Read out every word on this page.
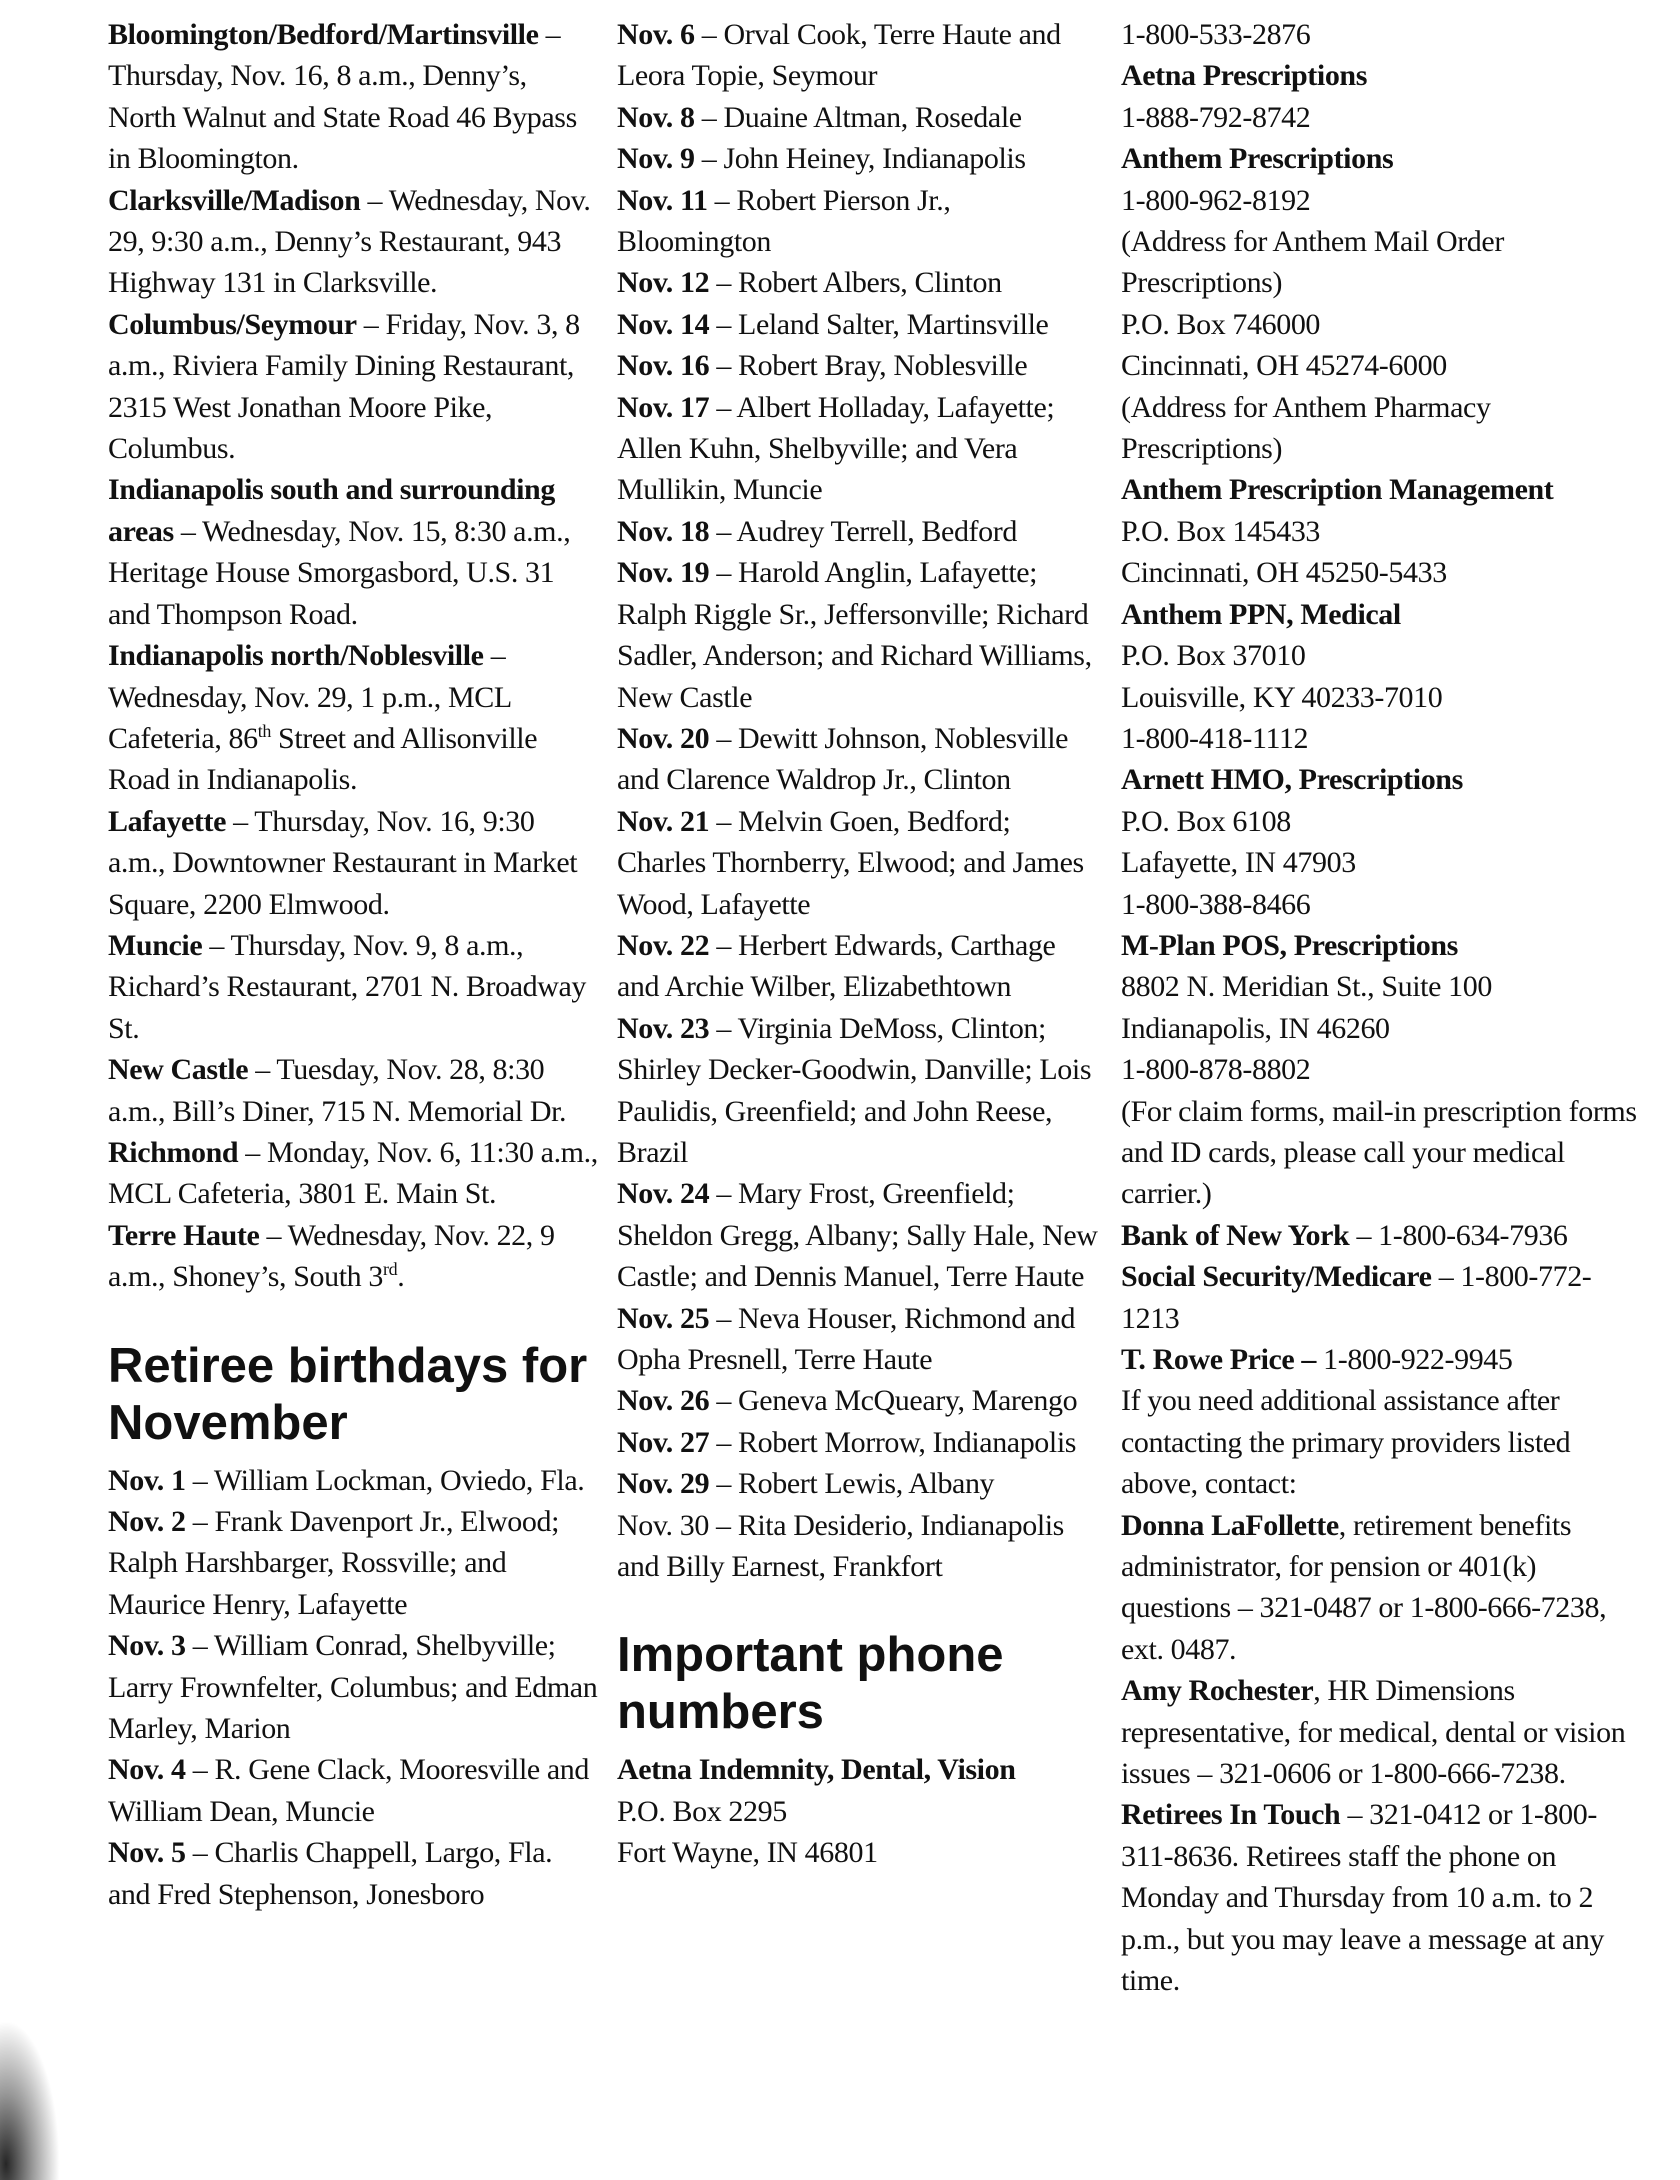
Bloomington/Bedford/Martinsville – Thursday, Nov. 16, 8 a.m., Denny’s, North Walnut and State Road 46 Bypass in Bloomington.

Clarksville/Madison – Wednesday, Nov. 29, 9:30 a.m., Denny’s Restaurant, 943 Highway 131 in Clarksville.

Columbus/Seymour – Friday, Nov. 3, 8 a.m., Riviera Family Dining Restaurant, 2315 West Jonathan Moore Pike, Columbus.

Indianapolis south and surrounding areas – Wednesday, Nov. 15, 8:30 a.m., Heritage House Smorgasbord, U.S. 31 and Thompson Road.

Indianapolis north/Noblesville – Wednesday, Nov. 29, 1 p.m., MCL Cafeteria, 86th Street and Allisonville Road in Indianapolis.

Lafayette – Thursday, Nov. 16, 9:30 a.m., Downtowner Restaurant in Market Square, 2200 Elmwood.

Muncie – Thursday, Nov. 9, 8 a.m., Richard’s Restaurant, 2701 N. Broadway St.

New Castle – Tuesday, Nov. 28, 8:30 a.m., Bill’s Diner, 715 N. Memorial Dr.

Richmond – Monday, Nov. 6, 11:30 a.m., MCL Cafeteria, 3801 E. Main St.

Terre Haute – Wednesday, Nov. 22, 9 a.m., Shoney’s, South 3rd.

Retiree birthdays for November

Nov. 1 – William Lockman, Oviedo, Fla.

Nov. 2 – Frank Davenport Jr., Elwood; Ralph Harshbarger, Rossville; and Maurice Henry, Lafayette

Nov. 3 – William Conrad, Shelbyville; Larry Frownfelter, Columbus; and Edman Marley, Marion

Nov. 4 – R. Gene Clack, Mooresville and William Dean, Muncie

Nov. 5 – Charlis Chappell, Largo, Fla. and Fred Stephenson, Jonesboro

Nov. 6 – Orval Cook, Terre Haute and Leora Topie, Seymour

Nov. 8 – Duaine Altman, Rosedale

Nov. 9 – John Heiney, Indianapolis

Nov. 11 – Robert Pierson Jr., Bloomington

Nov. 12 – Robert Albers, Clinton

Nov. 14 – Leland Salter, Martinsville

Nov. 16 – Robert Bray, Noblesville

Nov. 17 – Albert Holladay, Lafayette; Allen Kuhn, Shelbyville; and Vera Mullikin, Muncie

Nov. 18 – Audrey Terrell, Bedford

Nov. 19 – Harold Anglin, Lafayette; Ralph Riggle Sr., Jeffersonville; Richard Sadler, Anderson; and Richard Williams, New Castle

Nov. 20 – Dewitt Johnson, Noblesville and Clarence Waldrop Jr., Clinton

Nov. 21 – Melvin Goen, Bedford; Charles Thornberry, Elwood; and James Wood, Lafayette

Nov. 22 – Herbert Edwards, Carthage and Archie Wilber, Elizabethtown

Nov. 23 – Virginia DeMoss, Clinton; Shirley Decker-Goodwin, Danville; Lois Paulidis, Greenfield; and John Reese, Brazil

Nov. 24 – Mary Frost, Greenfield; Sheldon Gregg, Albany; Sally Hale, New Castle; and Dennis Manuel, Terre Haute

Nov. 25 – Neva Houser, Richmond and Opha Presnell, Terre Haute

Nov. 26 – Geneva McQueary, Marengo

Nov. 27 – Robert Morrow, Indianapolis

Nov. 29 – Robert Lewis, Albany

Nov. 30 – Rita Desiderio, Indianapolis and Billy Earnest, Frankfort

Important phone numbers

Aetna Indemnity, Dental, Vision

P.O. Box 2295

Fort Wayne, IN 46801

1-800-533-2876

Aetna Prescriptions

1-888-792-8742

Anthem Prescriptions

1-800-962-8192

(Address for Anthem Mail Order Prescriptions)

P.O. Box 746000

Cincinnati, OH 45274-6000

(Address for Anthem Pharmacy Prescriptions)

Anthem Prescription Management

P.O. Box 145433

Cincinnati, OH 45250-5433

Anthem PPN, Medical

P.O. Box 37010

Louisville, KY 40233-7010

1-800-418-1112

Arnett HMO, Prescriptions

P.O. Box 6108

Lafayette, IN 47903

1-800-388-8466

M-Plan POS, Prescriptions

8802 N. Meridian St., Suite 100

Indianapolis, IN 46260

1-800-878-8802

(For claim forms, mail-in prescription forms and ID cards, please call your medical carrier.)

Bank of New York – 1-800-634-7936

Social Security/Medicare – 1-800-772-1213

T. Rowe Price – 1-800-922-9945

If you need additional assistance after contacting the primary providers listed above, contact:

Donna LaFollette, retirement benefits administrator, for pension or 401(k) questions – 321-0487 or 1-800-666-7238, ext. 0487.

Amy Rochester, HR Dimensions representative, for medical, dental or vision issues – 321-0606 or 1-800-666-7238.

Retirees In Touch – 321-0412 or 1-800-311-8636. Retirees staff the phone on Monday and Thursday from 10 a.m. to 2 p.m., but you may leave a message at any time.
